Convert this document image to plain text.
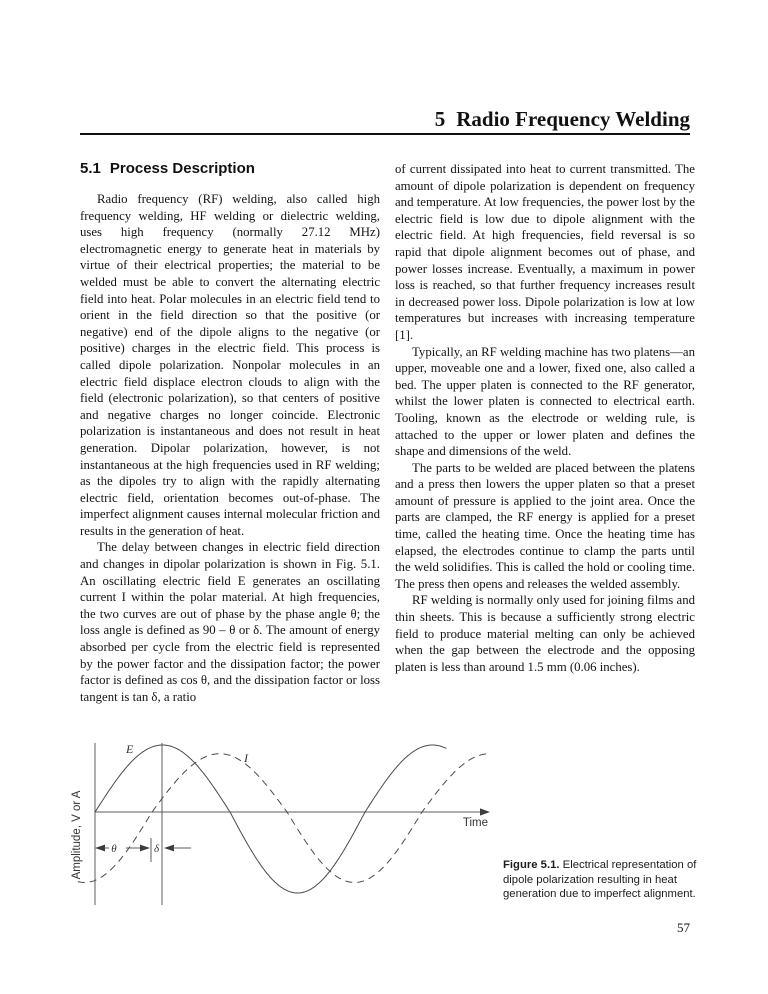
5 Radio Frequency Welding
5.1 Process Description

Radio frequency (RF) welding, also called high frequency welding, HF welding or dielectric welding, uses high frequency (normally 27.12 MHz) electromagnetic energy to generate heat in materials by virtue of their electrical properties; the material to be welded must be able to convert the alternating electric field into heat. Polar molecules in an electric field tend to orient in the field direction so that the positive (or negative) end of the dipole aligns to the negative (or positive) charges in the electric field. This process is called dipole polarization. Nonpolar molecules in an electric field displace electron clouds to align with the field (electronic polarization), so that centers of positive and negative charges no longer coincide. Electronic polarization is instantaneous and does not result in heat generation. Dipolar polarization, however, is not instantaneous at the high frequencies used in RF welding; as the dipoles try to align with the rapidly alternating electric field, orientation becomes out-of-phase. The imperfect alignment causes internal molecular friction and results in the generation of heat.

The delay between changes in electric field direction and changes in dipolar polarization is shown in Fig. 5.1. An oscillating electric field E generates an oscillating current I within the polar material. At high frequencies, the two curves are out of phase by the phase angle θ; the loss angle is defined as 90 – θ or δ. The amount of energy absorbed per cycle from the electric field is represented by the power factor and the dissipation factor; the power factor is defined as cos θ, and the dissipation factor or loss tangent is tan δ, a ratio

of current dissipated into heat to current transmitted. The amount of dipole polarization is dependent on frequency and temperature. At low frequencies, the power lost by the electric field is low due to dipole alignment with the electric field. At high frequencies, field reversal is so rapid that dipole alignment becomes out of phase, and power losses increase. Eventually, a maximum in power loss is reached, so that further frequency increases result in decreased power loss. Dipole polarization is low at low temperatures but increases with increasing temperature [1].

Typically, an RF welding machine has two platens—an upper, moveable one and a lower, fixed one, also called a bed. The upper platen is connected to the RF generator, whilst the lower platen is connected to electrical earth. Tooling, known as the electrode or welding rule, is attached to the upper or lower platen and defines the shape and dimensions of the weld.

The parts to be welded are placed between the platens and a press then lowers the upper platen so that a preset amount of pressure is applied to the joint area. Once the parts are clamped, the RF energy is applied for a preset time, called the heating time. Once the heating time has elapsed, the electrodes continue to clamp the parts until the weld solidifies. This is called the hold or cooling time. The press then opens and releases the welded assembly.

RF welding is normally only used for joining films and thin sheets. This is because a sufficiently strong electric field to produce material melting can only be achieved when the gap between the electrode and the opposing platen is less than around 1.5 mm (0.06 inches).

E
I
Time
Amplitude, V or A	θ	δ
Figure 5.1. Electrical representation of dipole polarization resulting in heat generation due to imperfect alignment.
57
